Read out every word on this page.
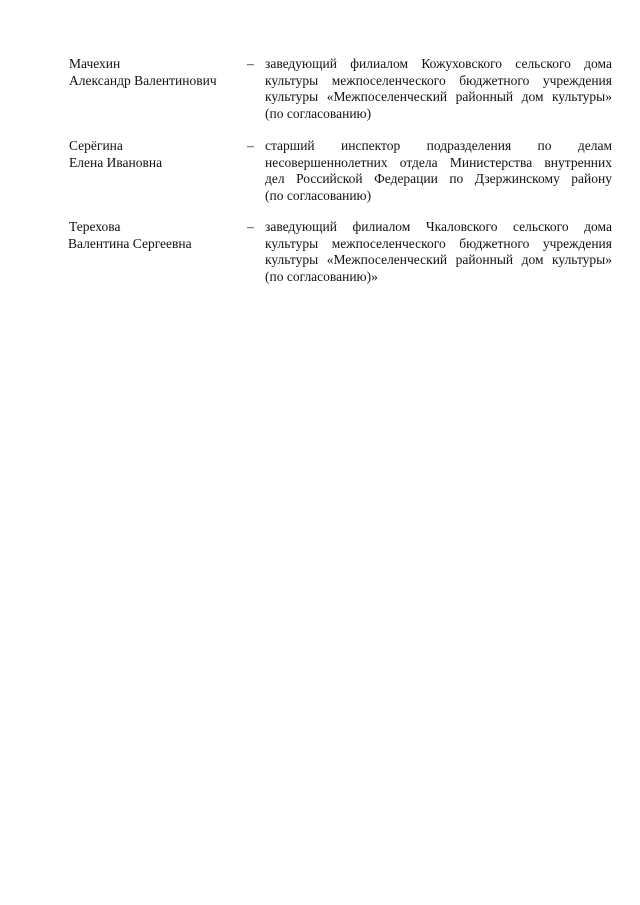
Мачехин
Александр Валентинович
– заведующий филиалом Кожуховского сельского дома
культуры межпоселенческого бюджетного учреждения
культуры «Межпоселенческий районный дом культуры»
(по согласованию)
Серёгина
Елена Ивановна
– старший инспектор подразделения по делам
несовершеннолетних отдела Министерства внутренних
дел Российской Федерации по Дзержинскому району
(по согласованию)
Терехова
Валентина Сергеевна
– заведующий филиалом Чкаловского сельского дома
культуры межпоселенческого бюджетного учреждения
культуры «Межпоселенческий районный дом культуры»
(по согласованию)»
